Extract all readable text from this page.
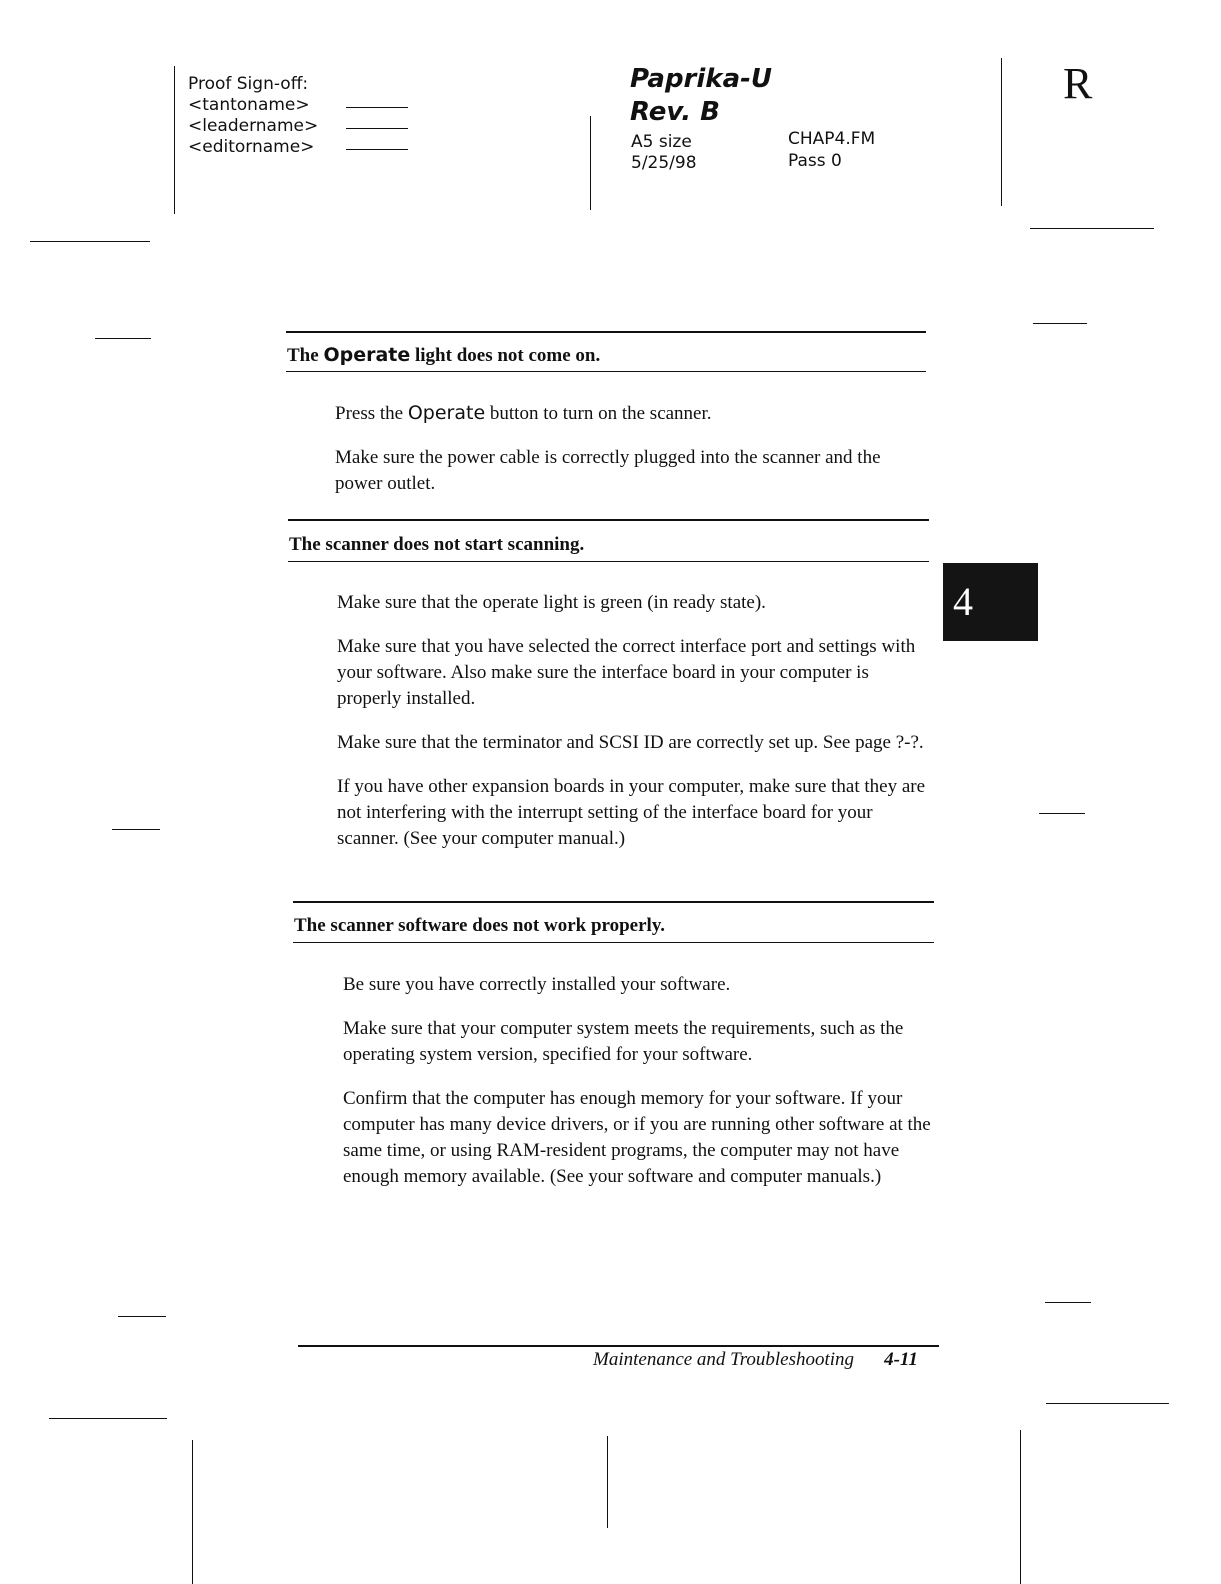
Proof Sign-off:
<tantoname>
<leadername>
<editorname>
Paprika-U
Rev. B
A5 size
5/25/98
CHAP4.FM
Pass 0
R
4
The Operate light does not come on.

Press the Operate button to turn on the scanner.

Make sure the power cable is correctly plugged into the scanner and the power outlet.

The scanner does not start scanning.

Make sure that the operate light is green (in ready state).

Make sure that you have selected the correct interface port and settings with your software. Also make sure the interface board in your computer is properly installed.

Make sure that the terminator and SCSI ID are correctly set up. See page ?-?.

If you have other expansion boards in your computer, make sure that they are not interfering with the interrupt setting of the interface board for your scanner. (See your computer manual.)

The scanner software does not work properly.

Be sure you have correctly installed your software.

Make sure that your computer system meets the requirements, such as the operating system version, specified for your software.

Confirm that the computer has enough memory for your software. If your computer has many device drivers, or if you are running other software at the same time, or using RAM-resident programs, the computer may not have enough memory available. (See your software and computer manuals.)

Maintenance and Troubleshooting 4-11
